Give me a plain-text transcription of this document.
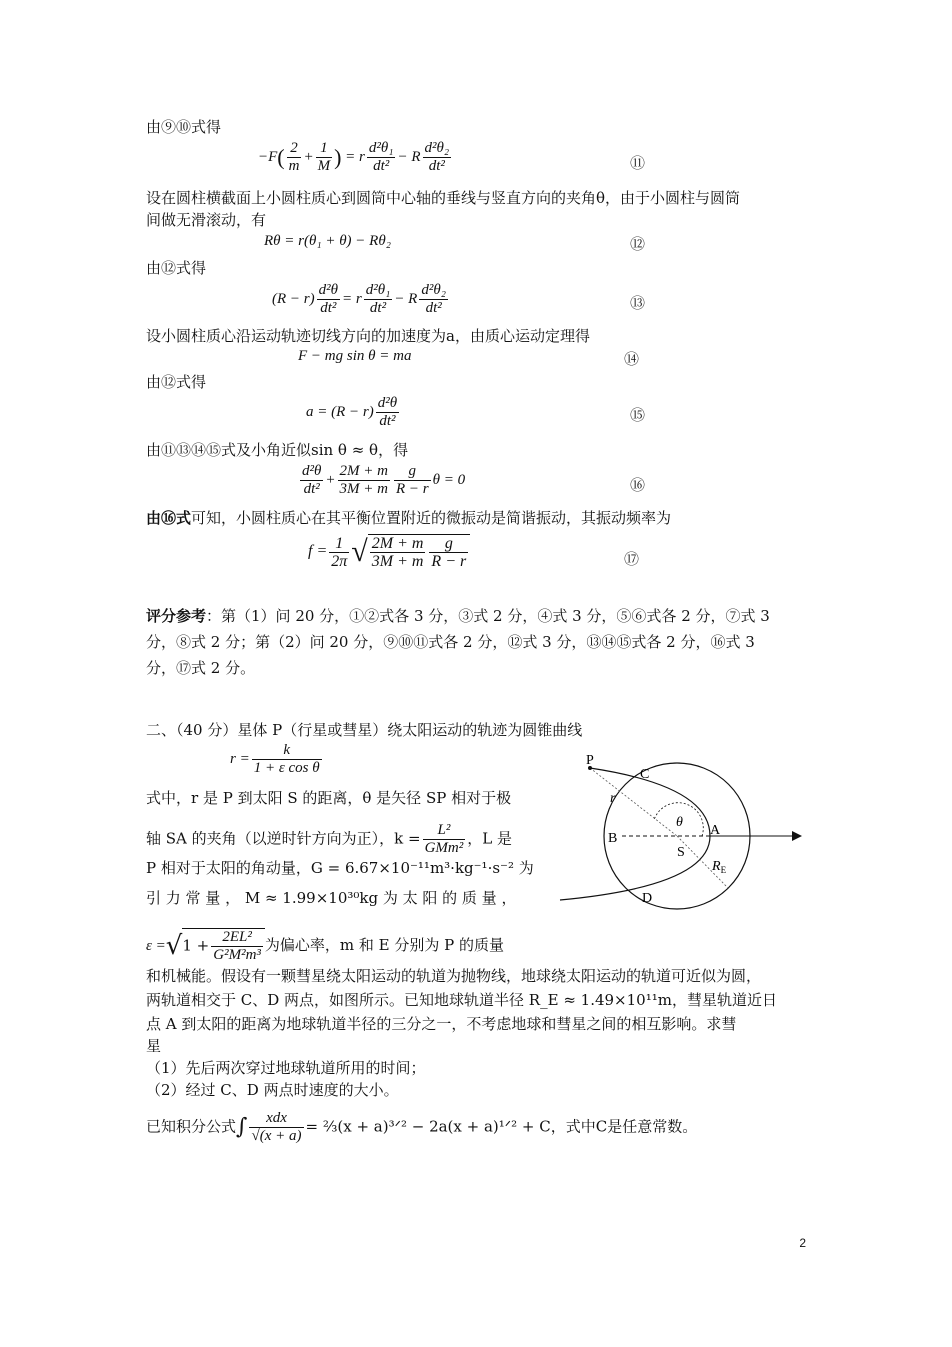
由⑨⑩式得
$-F( \frac{2}{m} + \frac{1}{M}$ ) = r $\frac{\text{d²θ₁}}{\text{dt²}} - R \frac{\text{d²θ₂}}{\text{dt²}}$	⑪
设在圆柱横截面上小圆柱质心到圆筒中心轴的垂线与竖直方向的夹角θ，由于小圆柱与圆筒
间做无滑滚动，有
Rθ = r(θ₁ + θ) − Rθ₂	⑫
由⑫式得
$(R - r) \frac{\text{d²θ}}{\text{dt²}} = r \frac{\text{d²θ₁}}{\text{dt²}} - R \frac{\text{d²θ₂}}{\text{dt²}}$	⑬
设小圆柱质心沿运动轨迹切线方向的加速度为a，由质心运动定理得
F − mg sin θ = ma	⑭
由⑫式得
$a = (R - r) \frac{\text{d²θ}}{\text{dt²}}$	⑮
由⑪⑬⑭⑮式及小角近似sin θ ≈ θ，得
$\frac{\text{d²θ}}{\text{dt²}} + \frac{2M + m}{3M + m} \frac{g}{R - r}$ θ = 0	⑯
由⑯式可知，小圆柱质心在其平衡位置附近的微振动是简谐振动，其振动频率为
$f = \frac{1}{2\pi}$ √ $\frac{2M + m}{3M + m} \frac{g}{R - r}$	⑰
评分参考：第（1）问 20 分，①②式各 3 分，③式 2 分，④式 3 分，⑤⑥式各 2 分，⑦式 3
分，⑧式 2 分；第（2）问 20 分，⑨⑩⑪式各 2 分，⑫式 3 分，⑬⑭⑮式各 2 分，⑯式 3
分，⑰式 2 分。
二、（40 分）星体 P（行星或彗星）绕太阳运动的轨迹为圆锥曲线
$r = \frac{k}{\text{1 + ε cos θ}}$
式中，r 是 P 到太阳 S 的距离，θ 是矢径 SP 相对于极
轴 SA 的夹角（以逆时针方向为正），$k = \frac{\text{L²}}{\text{GMm²}}$ ，L 是
P 相对于太阳的角动量，G = 6.67×10⁻¹¹m³·kg⁻¹·s⁻² 为
引 力 常 量 ， M ≈ 1.99×10³⁰kg 为 太 阳 的 质 量 ，
$\varepsilon =√1 + \frac{\text{2EL²}}{\text{G²M²m³}}$ 为偏心率，m 和 E 分别为 P 的质量
和机械能。假设有一颗彗星绕太阳运动的轨道为抛物线，地球绕太阳运动的轨道可近似为圆，
两轨道相交于 C、D 两点，如图所示。已知地球轨道半径 R_E ≈ 1.49×10¹¹m，彗星轨道近日
点 A 到太阳的距离为地球轨道半径的三分之一，不考虑地球和彗星之间的相互影响。求彗
星
（1）先后两次穿过地球轨道所用的时间；
（2）经过 C、D 两点时速度的大小。
已知积分公式∫ $\frac{\text{xdx}}{√(x + a)}$ = ⅔(x + a)³ᐟ² − 2a(x + a)¹ᐟ² + C，式中C是任意常数。
P
C
r
θ
B
A
S
$R_E$
D
2
